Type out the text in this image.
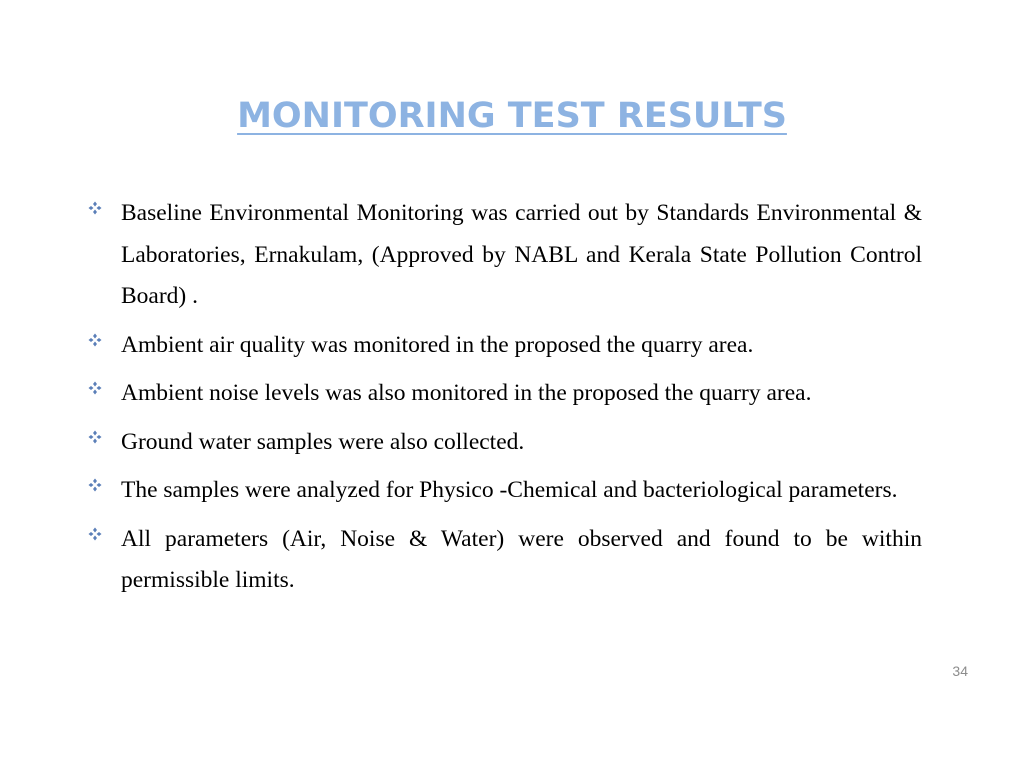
MONITORING TEST RESULTS
Baseline Environmental Monitoring was carried out by Standards Environmental & Laboratories, Ernakulam, (Approved by NABL and Kerala State Pollution Control Board) .
Ambient air quality was monitored in the proposed the quarry area.
Ambient noise levels was also monitored in the proposed the quarry area.
Ground water samples were also collected.
The samples were analyzed for Physico -Chemical and bacteriological parameters.
All parameters (Air, Noise & Water) were observed and found to be within permissible limits.
34
